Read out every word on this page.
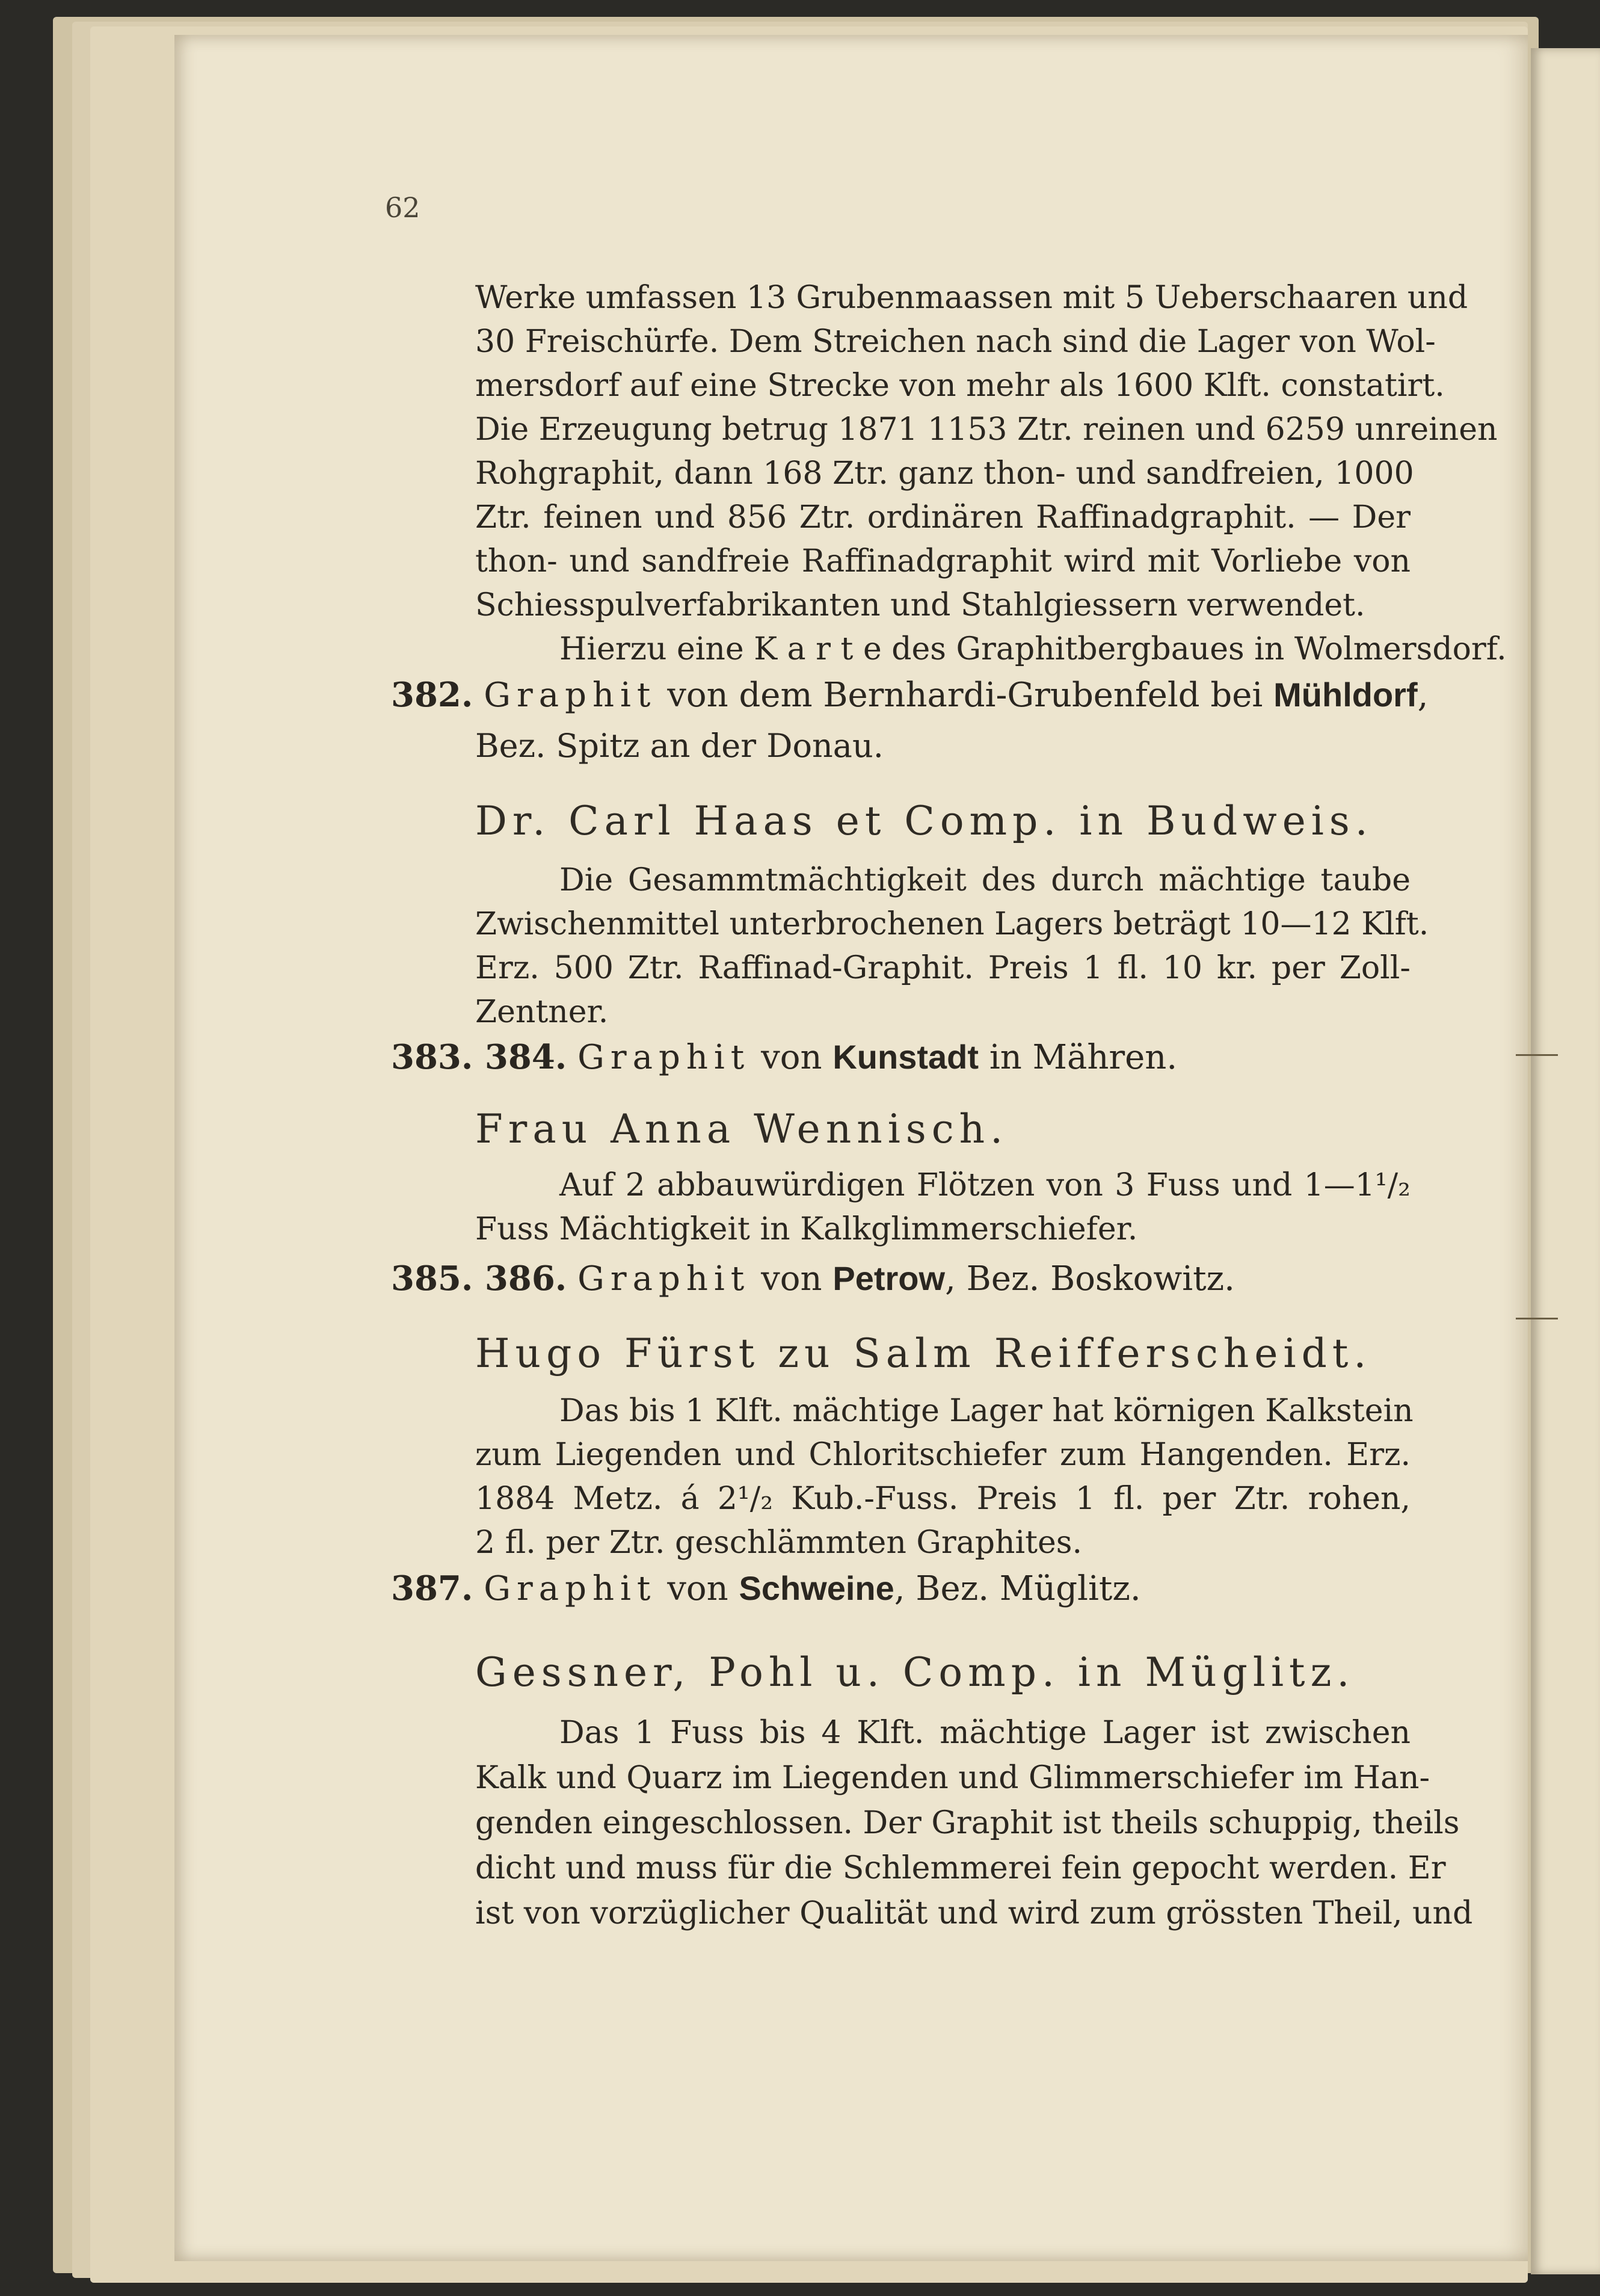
62
Werke umfassen 13 Grubenmaassen mit 5 Ueberschaaren und
30 Freischürfe. Dem Streichen nach sind die Lager von Wol-
mersdorf auf eine Strecke von mehr als 1600 Klft. constatirt.
Die Erzeugung betrug 1871 1153 Ztr. reinen und 6259 unreinen
Rohgraphit, dann 168 Ztr. ganz thon- und sandfreien, 1000
Ztr. feinen und 856 Ztr. ordinären Raffinadgraphit. — Der
thon- und sandfreie Raffinadgraphit wird mit Vorliebe von
Schiesspulverfabrikanten und Stahlgiessern verwendet.
Hierzu eine K a r t e des Graphitbergbaues in Wolmersdorf.
382. Graphit von dem Bernhardi-Grubenfeld bei Mühldorf,
Bez. Spitz an der Donau.
Dr. Carl Haas et Comp. in Budweis.
Die Gesammtmächtigkeit des durch mächtige taube
Zwischenmittel unterbrochenen Lagers beträgt 10—12 Klft.
Erz. 500 Ztr. Raffinad-Graphit. Preis 1 fl. 10 kr. per Zoll-
Zentner.
383. 384. Graphit von Kunstadt in Mähren.
Frau Anna Wennisch.
Auf 2 abbauwürdigen Flötzen von 3 Fuss und 1—1¹/₂
Fuss Mächtigkeit in Kalkglimmerschiefer.
385. 386. Graphit von Petrow, Bez. Boskowitz.
Hugo Fürst zu Salm Reifferscheidt.
Das bis 1 Klft. mächtige Lager hat körnigen Kalkstein
zum Liegenden und Chloritschiefer zum Hangenden. Erz.
1884 Metz. á 2¹/₂ Kub.-Fuss. Preis 1 fl. per Ztr. rohen,
2 fl. per Ztr. geschlämmten Graphites.
387. Graphit von Schweine, Bez. Müglitz.
Gessner, Pohl u. Comp. in Müglitz.
Das 1 Fuss bis 4 Klft. mächtige Lager ist zwischen
Kalk und Quarz im Liegenden und Glimmerschiefer im Han-
genden eingeschlossen. Der Graphit ist theils schuppig, theils
dicht und muss für die Schlemmerei fein gepocht werden. Er
ist von vorzüglicher Qualität und wird zum grössten Theil, und
